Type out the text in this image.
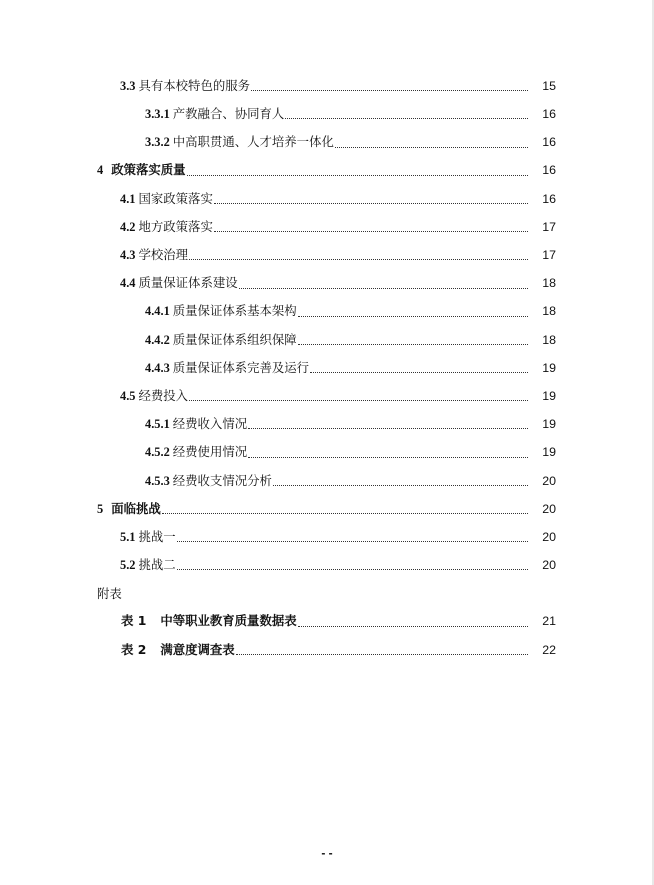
3.3 具有本校特色的服务	15
3.3.1 产教融合、协同育人	16
3.3.2 中高职贯通、人才培养一体化	16
4 政策落实质量	16
4.1 国家政策落实	16
4.2 地方政策落实	17
4.3 学校治理	17
4.4 质量保证体系建设	18
4.4.1 质量保证体系基本架构	18
4.4.2 质量保证体系组织保障	18
4.4.3 质量保证体系完善及运行	19
4.5 经费投入	19
4.5.1 经费收入情况	19
4.5.2 经费使用情况	19
4.5.3 经费收支情况分析	20
5 面临挑战	20
5.1 挑战一	20
5.2 挑战二	20
附表
表 1 中等职业教育质量数据表	21
表 2 满意度调查表	22
- -
